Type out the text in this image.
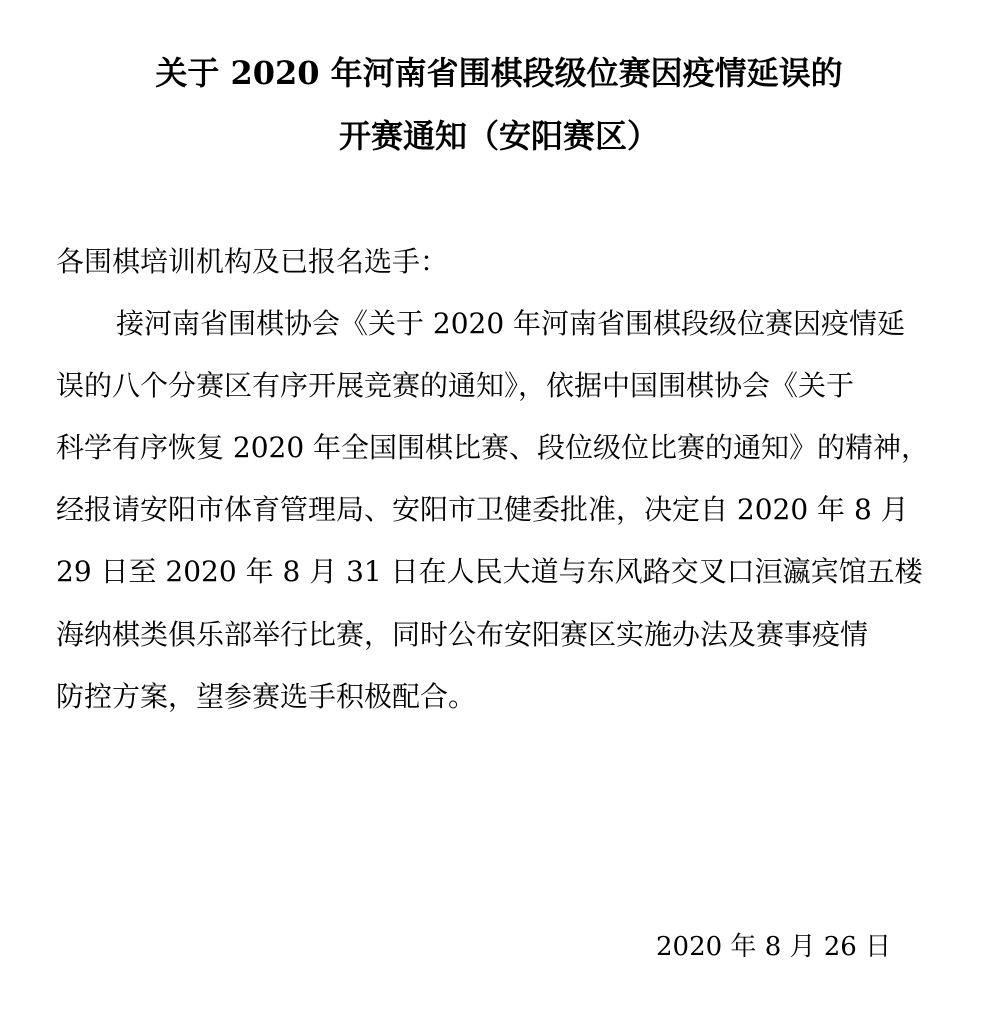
关于 2020 年河南省围棋段级位赛因疫情延误的
开赛通知（安阳赛区）
各围棋培训机构及已报名选手：
接河南省围棋协会《关于 2020 年河南省围棋段级位赛因疫情延
误的八个分赛区有序开展竞赛的通知》，依据中国围棋协会《关于
科学有序恢复 2020 年全国围棋比赛、段位级位比赛的通知》的精神，
经报请安阳市体育管理局、安阳市卫健委批准，决定自 2020 年 8 月
29 日至 2020 年 8 月 31 日在人民大道与东风路交叉口洹瀛宾馆五楼
海纳棋类俱乐部举行比赛，同时公布安阳赛区实施办法及赛事疫情
防控方案，望参赛选手积极配合。
2020 年 8 月 26 日
